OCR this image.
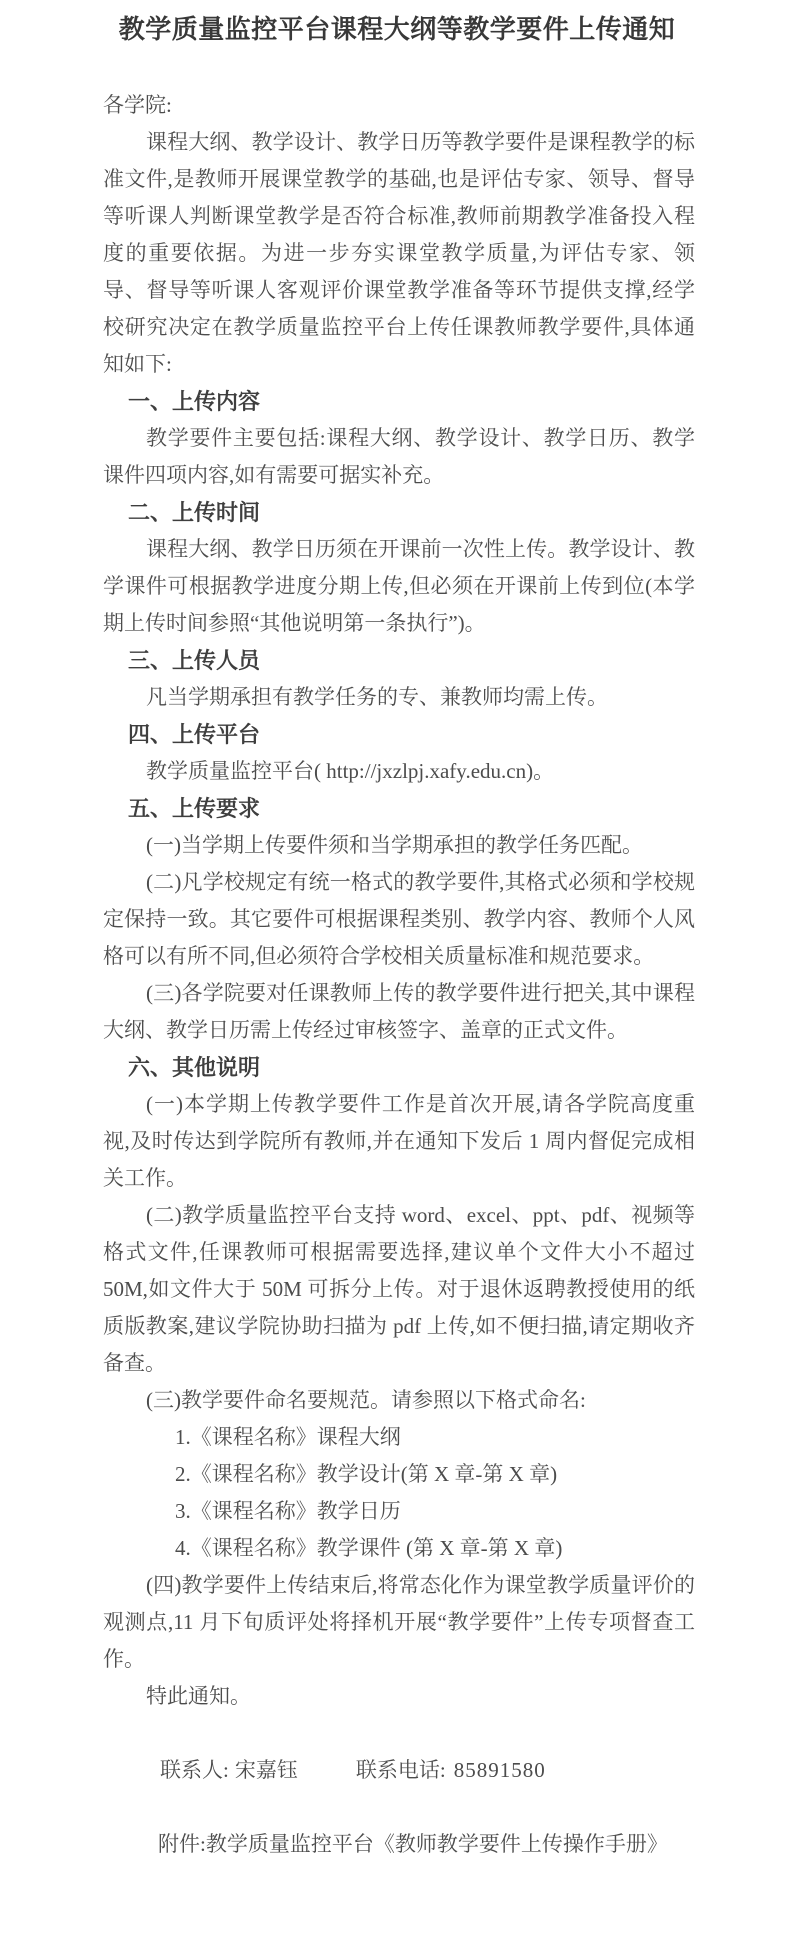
教学质量监控平台课程大纲等教学要件上传通知

各学院:

课程大纲、教学设计、教学日历等教学要件是课程教学的标准文件,是教师开展课堂教学的基础,也是评估专家、领导、督导等听课人判断课堂教学是否符合标准,教师前期教学准备投入程度的重要依据。为进一步夯实课堂教学质量,为评估专家、领导、督导等听课人客观评价课堂教学准备等环节提供支撑,经学校研究决定在教学质量监控平台上传任课教师教学要件,具体通知如下:

一、上传内容

教学要件主要包括:课程大纲、教学设计、教学日历、教学课件四项内容,如有需要可据实补充。

二、上传时间

课程大纲、教学日历须在开课前一次性上传。教学设计、教学课件可根据教学进度分期上传,但必须在开课前上传到位(本学期上传时间参照“其他说明第一条执行”)。

三、上传人员

凡当学期承担有教学任务的专、兼教师均需上传。

四、上传平台

教学质量监控平台( http://jxzlpj.xafy.edu.cn)。

五、上传要求

(一)当学期上传要件须和当学期承担的教学任务匹配。

(二)凡学校规定有统一格式的教学要件,其格式必须和学校规定保持一致。其它要件可根据课程类别、教学内容、教师个人风格可以有所不同,但必须符合学校相关质量标准和规范要求。

(三)各学院要对任课教师上传的教学要件进行把关,其中课程大纲、教学日历需上传经过审核签字、盖章的正式文件。

六、其他说明

(一)本学期上传教学要件工作是首次开展,请各学院高度重视,及时传达到学院所有教师,并在通知下发后 1 周内督促完成相关工作。

(二)教学质量监控平台支持 word、excel、ppt、pdf、视频等格式文件,任课教师可根据需要选择,建议单个文件大小不超过 50M,如文件大于 50M 可拆分上传。对于退休返聘教授使用的纸质版教案,建议学院协助扫描为 pdf 上传,如不便扫描,请定期收齐备查。

(三)教学要件命名要规范。请参照以下格式命名:

1.《课程名称》课程大纲

2.《课程名称》教学设计(第 X 章-第 X 章)

3.《课程名称》教学日历

4.《课程名称》教学课件 (第 X 章-第 X 章)

(四)教学要件上传结束后,将常态化作为课堂教学质量评价的观测点,11 月下旬质评处将择机开展“教学要件”上传专项督查工作。

特此通知。

联系人: 宋嘉钰	联系电话: 85891580

附件:教学质量监控平台《教师教学要件上传操作手册》
